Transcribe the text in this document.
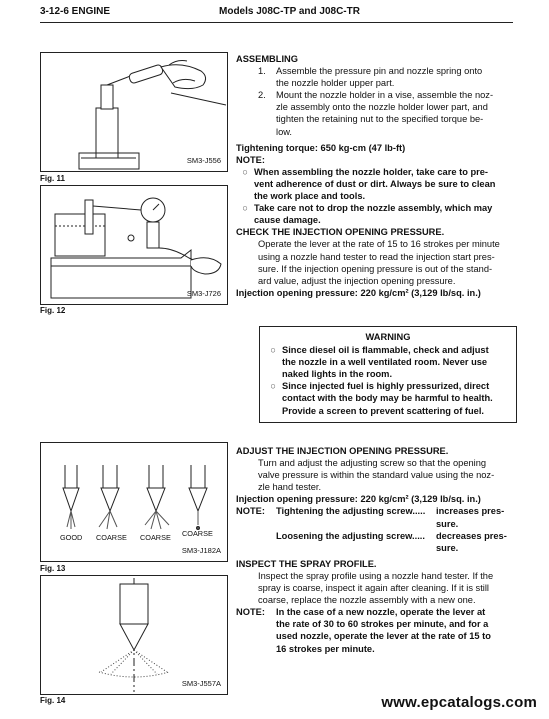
3-12-6 ENGINE	Models J08C-TP and J08C-TR
SM3-J556
Fig. 11
SM3-J726
Fig. 12
SM3-J182A
GOOD COARSE COARSE COARSE
Fig. 13
SM3-J557A
Fig. 14
ASSEMBLING
1.	Assemble the pressure pin and nozzle spring onto
the nozzle holder upper part.
2.	Mount the nozzle holder in a vise, assemble the noz-
zle assembly onto the nozzle holder lower part, and
tighten the retaining nut to the specified torque be-
low.
Tightening torque: 650 kg-cm (47 lb-ft)
NOTE:
○ When assembling the nozzle holder, take care to pre-
vent adherence of dust or dirt. Always be sure to clean
the work place and tools.
○ Take care not to drop the nozzle assembly, which may
cause damage.
CHECK THE INJECTION OPENING PRESSURE.
Operate the lever at the rate of 15 to 16 strokes per minute
using a nozzle hand tester to read the injection start pres-
sure. If the injection opening pressure is out of the stand-
ard value, adjust the injection opening pressure.
Injection opening pressure: 220 kg/cm² (3,129 lb/sq. in.)
WARNING
○ Since diesel oil is flammable, check and adjust
the nozzle in a well ventilated room. Never use
naked lights in the room.
○ Since injected fuel is highly pressurized, direct
contact with the body may be harmful to health.
Provide a screen to prevent scattering of fuel.
ADJUST THE INJECTION OPENING PRESSURE.
Turn and adjust the adjusting screw so that the opening
valve pressure is within the standard value using the noz-
zle hand tester.
Injection opening pressure: 220 kg/cm² (3,129 lb/sq. in.)
NOTE:	Tightening the adjusting screw.....	increases pres-
sure.
Loosening the adjusting screw.....	decreases pres-
sure.
INSPECT THE SPRAY PROFILE.
Inspect the spray profile using a nozzle hand tester. If the
spray is coarse, inspect it again after cleaning. If it is still
coarse, replace the nozzle assembly with a new one.
NOTE:	In the case of a new nozzle, operate the lever at
the rate of 30 to 60 strokes per minute, and for a
used nozzle, operate the lever at the rate of 15 to
16 strokes per minute.
www.epcatalogs.com
